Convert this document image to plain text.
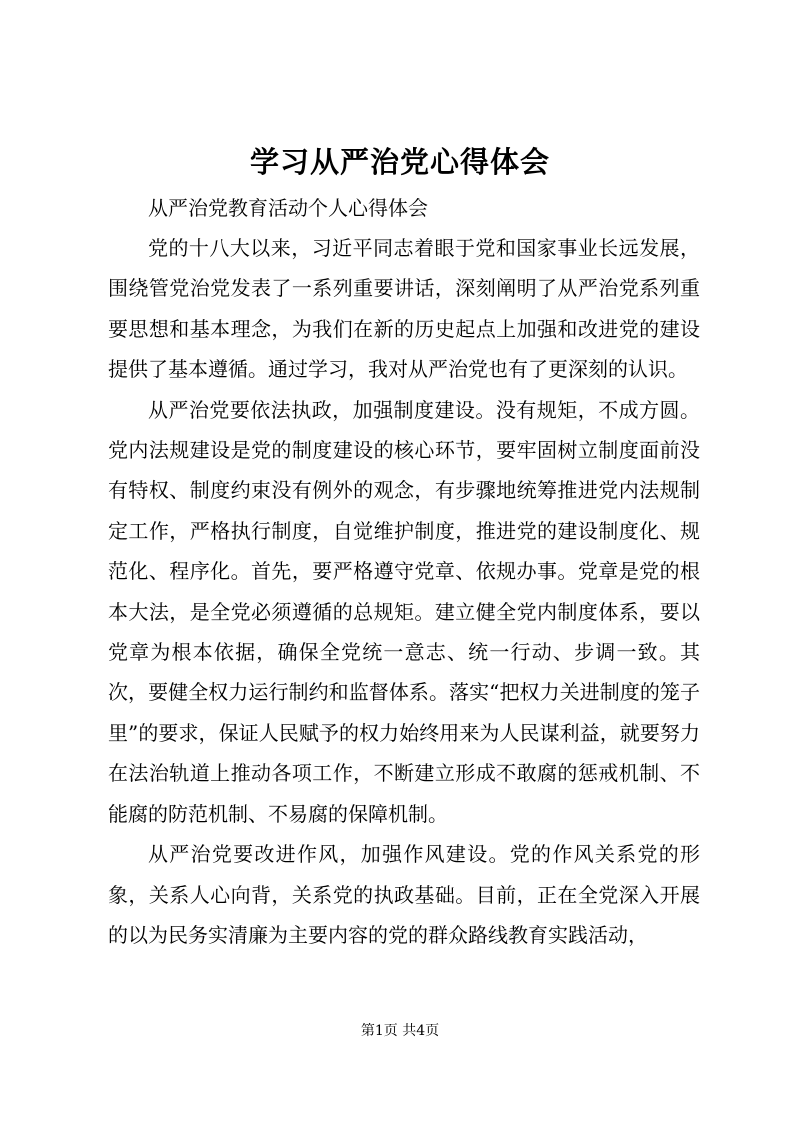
学习从严治党心得体会
从严治党教育活动个人心得体会

党的十八大以来，习近平同志着眼于党和国家事业长远发展，围绕管党治党发表了一系列重要讲话，深刻阐明了从严治党系列重要思想和基本理念，为我们在新的历史起点上加强和改进党的建设提供了基本遵循。通过学习，我对从严治党也有了更深刻的认识。

从严治党要依法执政，加强制度建设。没有规矩，不成方圆。党内法规建设是党的制度建设的核心环节，要牢固树立制度面前没有特权、制度约束没有例外的观念，有步骤地统筹推进党内法规制定工作，严格执行制度，自觉维护制度，推进党的建设制度化、规范化、程序化。首先，要严格遵守党章、依规办事。党章是党的根本大法，是全党必须遵循的总规矩。建立健全党内制度体系，要以党章为根本依据，确保全党统一意志、统一行动、步调一致。其次，要健全权力运行制约和监督体系。落实“把权力关进制度的笼子里”的要求，保证人民赋予的权力始终用来为人民谋利益，就要努力在法治轨道上推动各项工作，不断建立形成不敢腐的惩戒机制、不能腐的防范机制、不易腐的保障机制。

从严治党要改进作风，加强作风建设。党的作风关系党的形象，关系人心向背，关系党的执政基础。目前，正在全党深入开展的以为民务实清廉为主要内容的党的群众路线教育实践活动，

第1页 共4页
